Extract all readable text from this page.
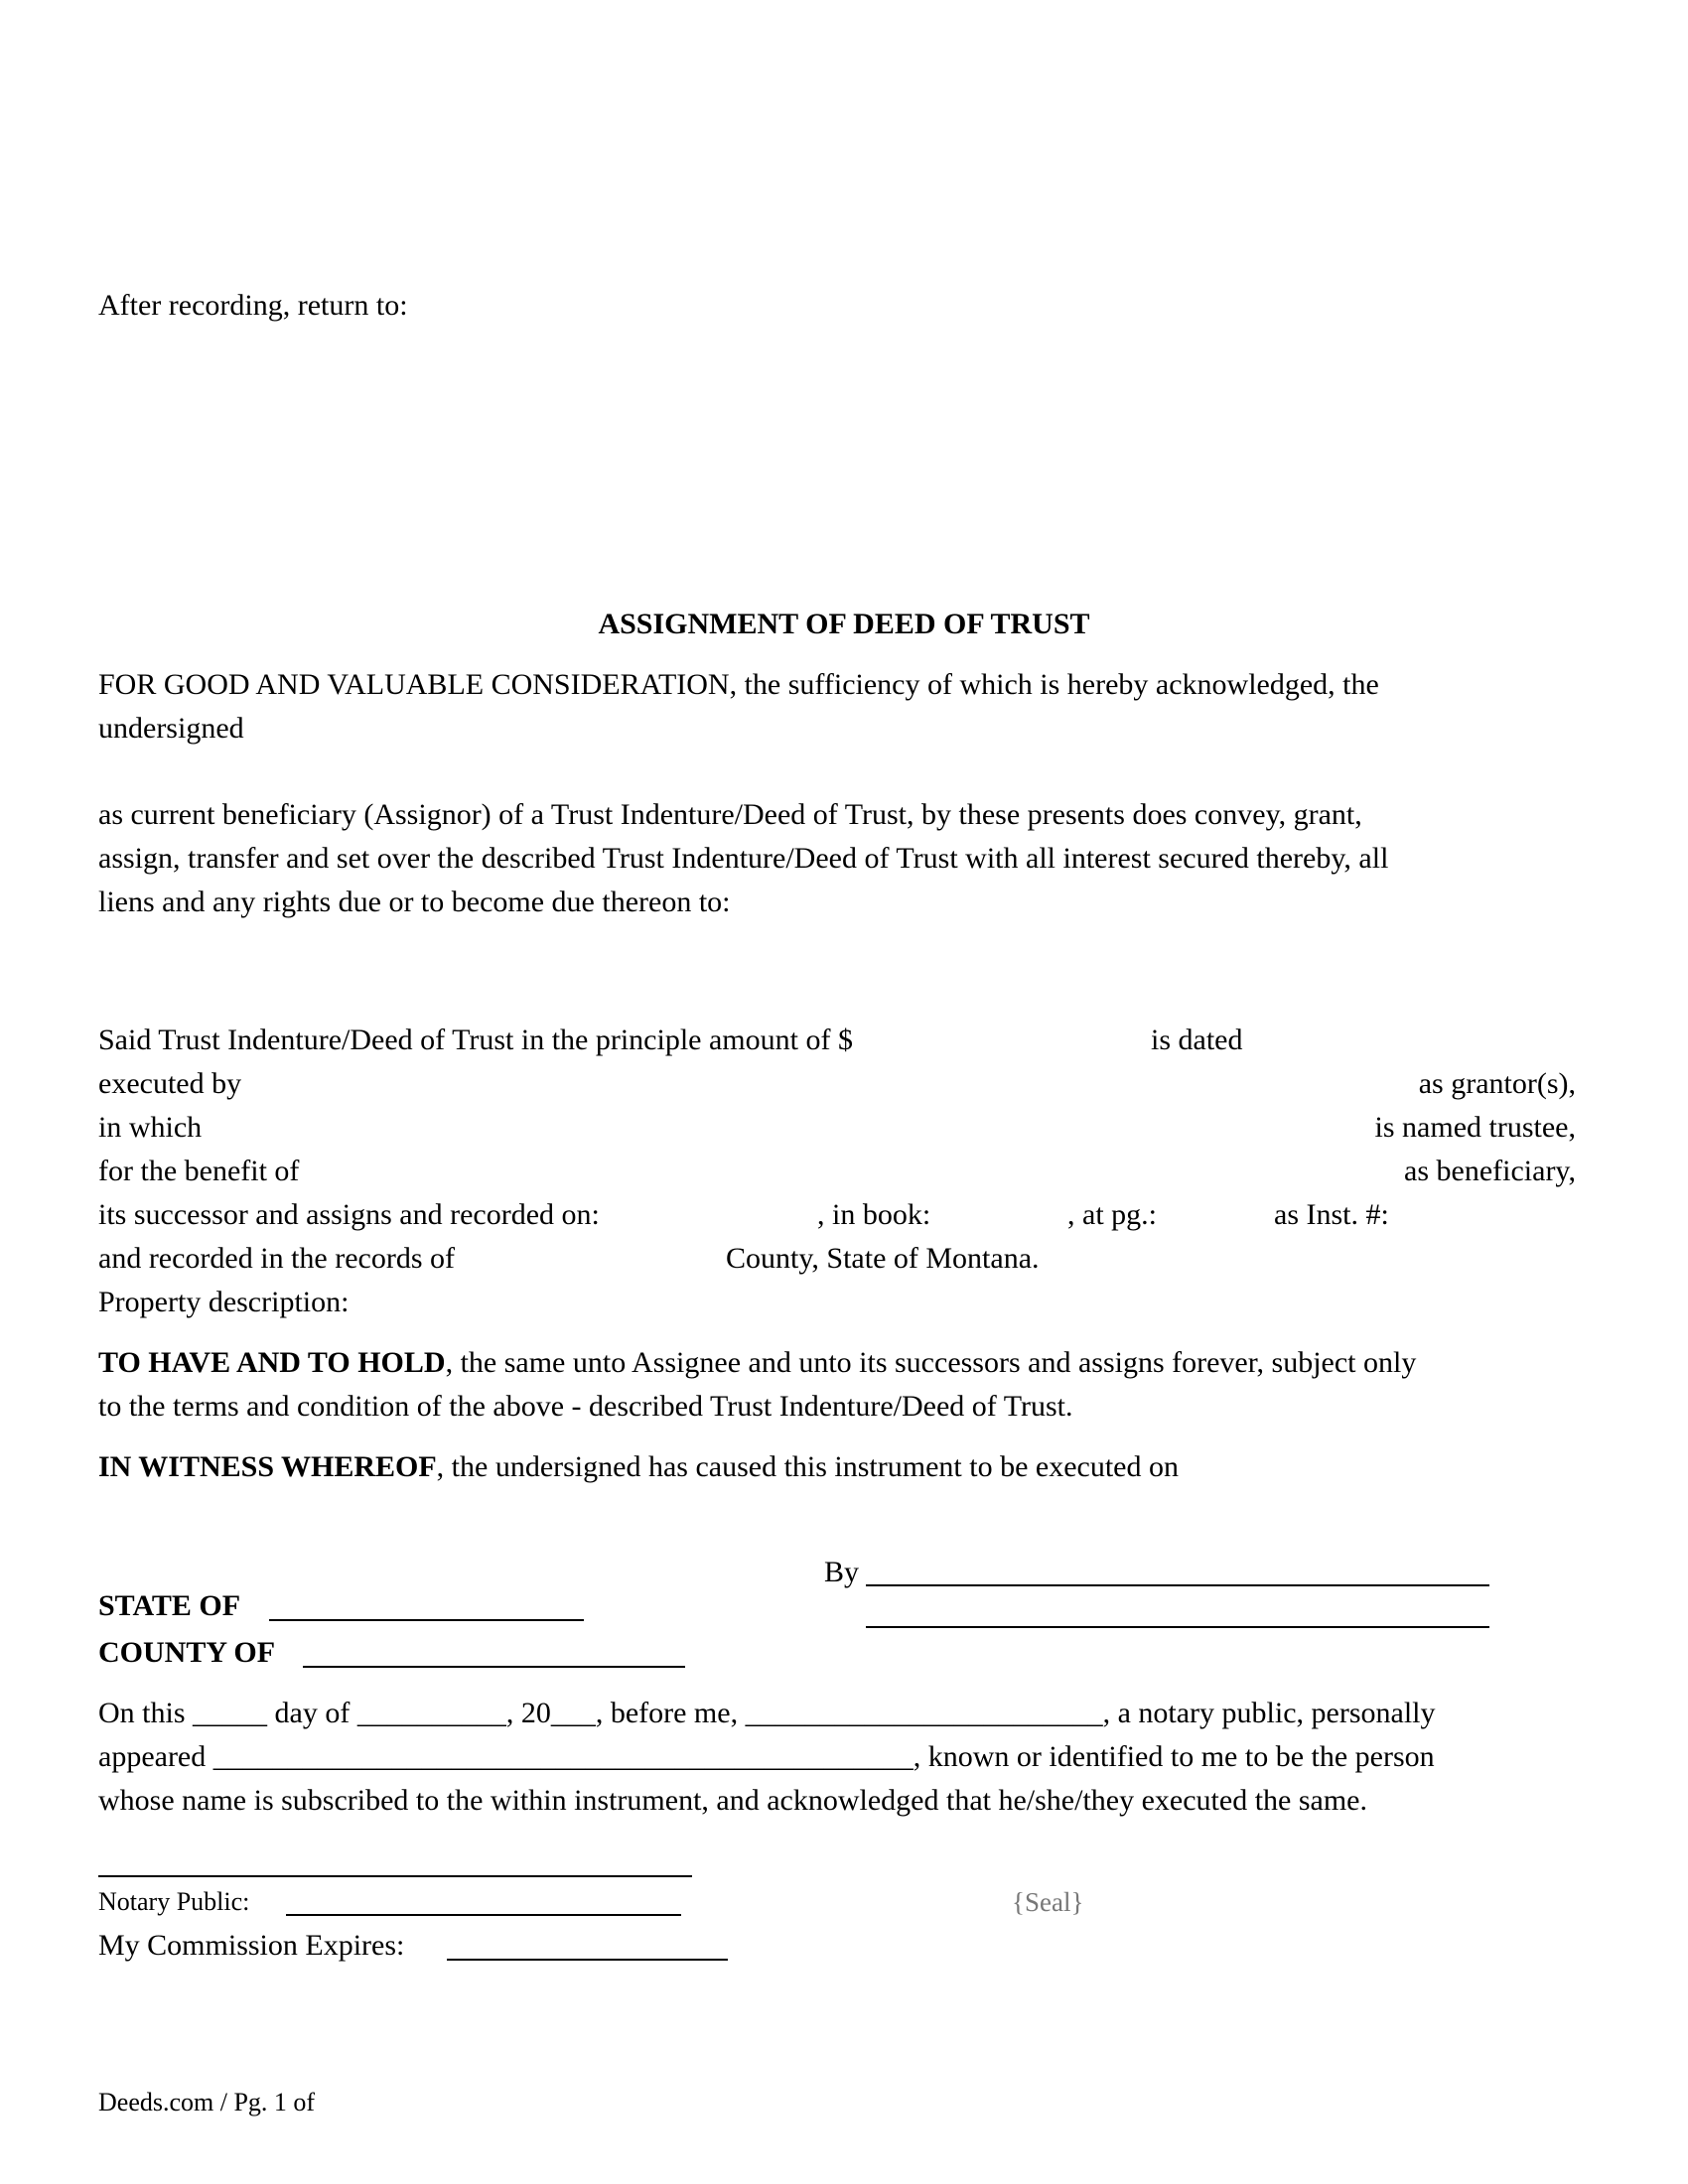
After recording, return to:
ASSIGNMENT OF DEED OF TRUST
FOR GOOD AND VALUABLE CONSIDERATION, the sufficiency of which is hereby acknowledged, the
undersigned
as current beneficiary (Assignor) of a Trust Indenture/Deed of Trust, by these presents does convey, grant,
assign, transfer and set over the described Trust Indenture/Deed of Trust with all interest secured thereby, all
liens and any rights due or to become due thereon to:
Said Trust Indenture/Deed of Trust in the principle amount of $	is dated
executed by	as grantor(s),
in which	is named trustee,
for the benefit of	as beneficiary,
its successor and assigns and recorded on:	, in book:	, at pg.:	as Inst. #:
and recorded in the records of	County, State of Montana.
Property description:
TO HAVE AND TO HOLD, the same unto Assignee and unto its successors and assigns forever, subject only
to the terms and condition of the above - described Trust Indenture/Deed of Trust.
IN WITNESS WHEREOF, the undersigned has caused this instrument to be executed on
By
STATE OF
COUNTY OF
On this _____ day of __________, 20___, before me, ________________________, a notary public, personally
appeared _______________________________________________, known or identified to me to be the person
whose name is subscribed to the within instrument, and acknowledged that he/she/they executed the same.
Notary Public:	{Seal}
My Commission Expires:
Deeds.com / Pg. 1 of
